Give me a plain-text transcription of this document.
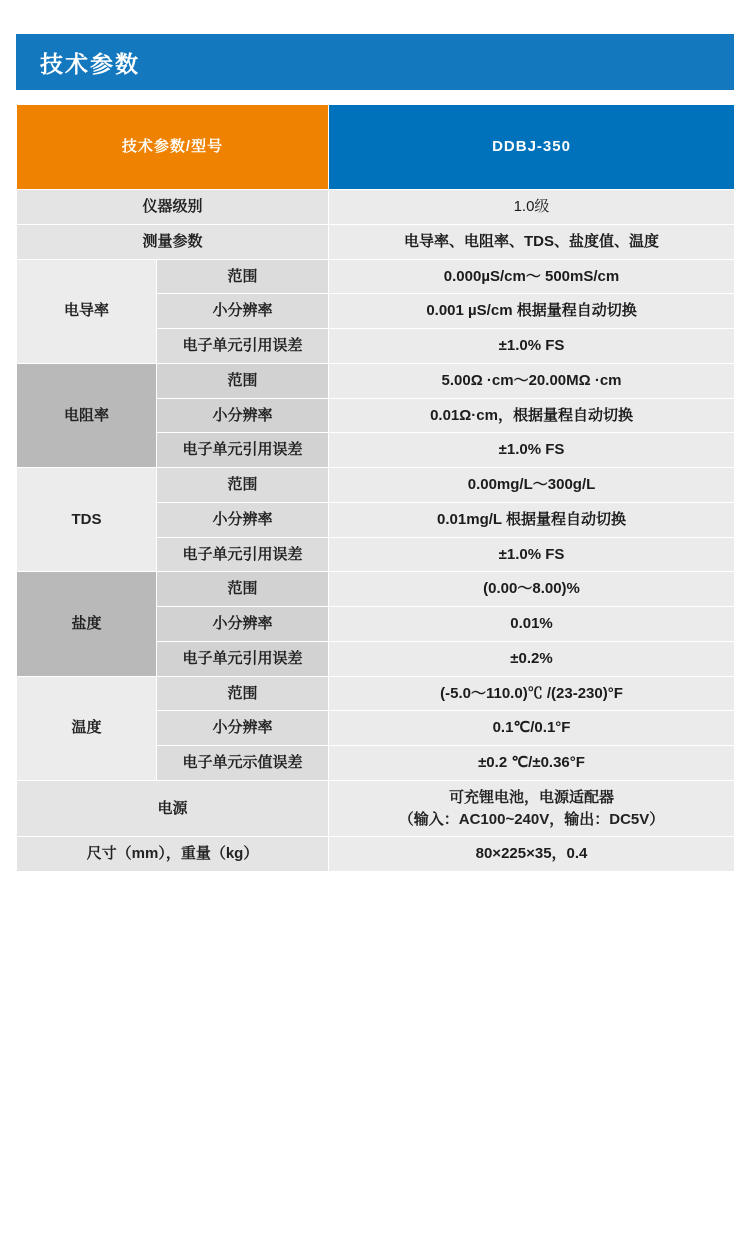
技术参数
技术参数/型号		DDBJ-350
仪器级别		1.0级
测量参数		电导率、电阻率、TDS、盐度值、温度
电导率	范围	0.000µS/cm～ 500mS/cm
	小分辨率	0.001 µS/cm 根据量程自动切换
	电子单元引用误差	±1.0% FS
电阻率	范围	5.00Ω ·cm～20.00MΩ ·cm
	小分辨率	0.01Ω·cm，根据量程自动切换
	电子单元引用误差	±1.0% FS
TDS	范围	0.00mg/L～300g/L
	小分辨率	0.01mg/L 根据量程自动切换
	电子单元引用误差	±1.0% FS
盐度	范围	(0.00～8.00)%
	小分辨率	0.01%
	电子单元引用误差	±0.2%
温度	范围	(-5.0～110.0)℃ /(23-230)°F
	小分辨率	0.1℃/0.1°F
	电子单元示值误差	±0.2 ℃/±0.36°F
电源		可充锂电池，电源适配器
（输入：AC100~240V，输出：DC5V）

尺寸（mm），重量（kg）		80×225×35，0.4
